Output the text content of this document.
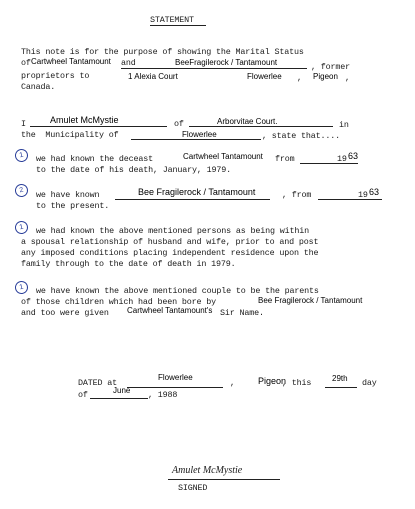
STATEMENT
This note is for the purpose of showing the Marital Status
of Cartwheel Tantamount and	BeeFragilerock / Tantamount	, former
proprietors to	1 Alexia Court	Flowerlee , Pigeon ,
Canada.
I	Amulet McMystie	of	Arborvitae Court.	in
the  Municipality of	Flowerlee	, state that....
1	we had known the deceast	Cartwheel Tantamount from	19 63
to the date of his death, January, 1979.
2	we have known	Bee Fragilerock / Tantamount	, from	19 63
to the present.
1	we had known the above mentioned persons as being within
a spousal relationship of husband and wife, prior to and post
any imposed conditions placing independent residence upon the
family through to the date of death in 1979.
1	we have known the above mentioned couple to be the parents
of those children which had been bore by	Bee Fragilerock / Tantamount
and too were given Cartwheel Tantamount's Sir Name.
DATED at
Flowerlee
,	Pigeon
, this	29th day
of	June , 1988
Amulet McMystie
SIGNED
